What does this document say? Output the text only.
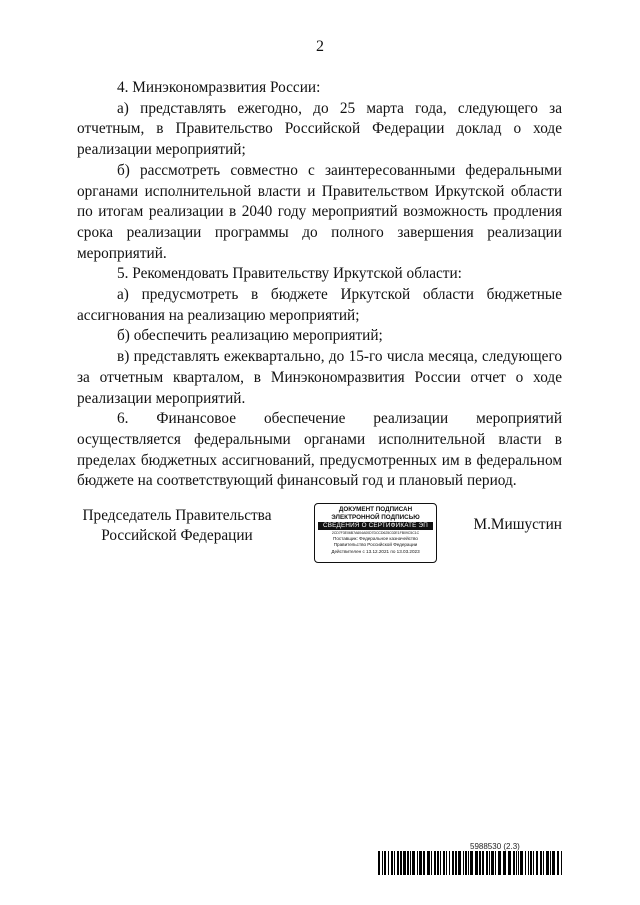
2

4. Минэкономразвития России:

а) представлять ежегодно, до 25 марта года, следующего за отчетным, в Правительство Российской Федерации доклад о ходе реализации мероприятий;

б) рассмотреть совместно с заинтересованными федеральными органами исполнительной власти и Правительством Иркутской области по итогам реализации в 2040 году мероприятий возможность продления срока реализации программы до полного завершения реализации мероприятий.

5. Рекомендовать Правительству Иркутской области:

а) предусмотреть в бюджете Иркутской области бюджетные ассигнования на реализацию мероприятий;

б) обеспечить реализацию мероприятий;

в) представлять ежеквартально, до 15-го числа месяца, следующего за отчетным кварталом, в Минэкономразвития России отчет о ходе реализации мероприятий.

6. Финансовое обеспечение реализации мероприятий осуществляется федеральными органами исполнительной власти в пределах бюджетных ассигнований, предусмотренных им в федеральном бюджете на соответствующий финансовый год и плановый период.

Председатель Правительства
Российской Федерации
ДОКУМЕНТ ПОДПИСАН
ЭЛЕКТРОННОЙ ПОДПИСЬЮ
СВЕДЕНИЯ О СЕРТИФИКАТЕ ЭП
2CD7F3E06B7A604A00D7DCCD625C02E1FB09C5C1C
Поставщик: Федеральное казначейство
Правительство Российской Федерации
Действителен с 13.12.2021 по 13.03.2023
М.Мишустин
5988530 (2.3)
